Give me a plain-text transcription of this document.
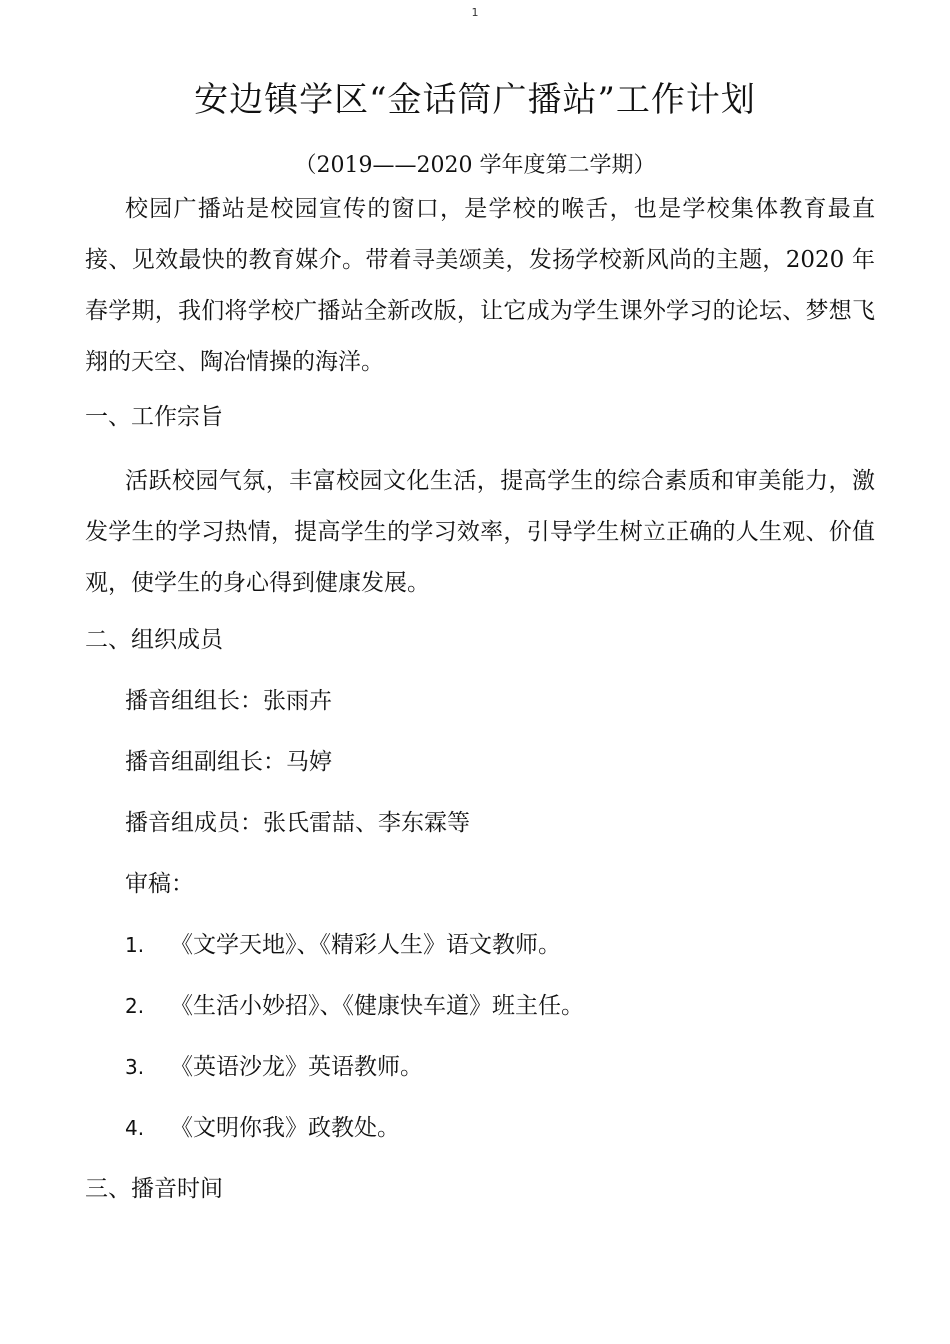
1
安边镇学区“金话筒广播站”工作计划
（2019——2020 学年度第二学期）

校园广播站是校园宣传的窗口，是学校的喉舌，也是学校集体教育最直接、见效最快的教育媒介。带着寻美颂美，发扬学校新风尚的主题，2020 年春学期，我们将学校广播站全新改版，让它成为学生课外学习的论坛、梦想飞翔的天空、陶冶情操的海洋。

一、工作宗旨

活跃校园气氛，丰富校园文化生活，提高学生的综合素质和审美能力，激发学生的学习热情，提高学生的学习效率，引导学生树立正确的人生观、价值观，使学生的身心得到健康发展。

二、组织成员

播音组组长：张雨卉

播音组副组长：马婷

播音组成员：张氏雷喆、李东霖等

审稿：

1. 《文学天地》、《精彩人生》语文教师。

2. 《生活小妙招》、《健康快车道》班主任。

3. 《英语沙龙》英语教师。

4. 《文明你我》政教处。

三、播音时间
